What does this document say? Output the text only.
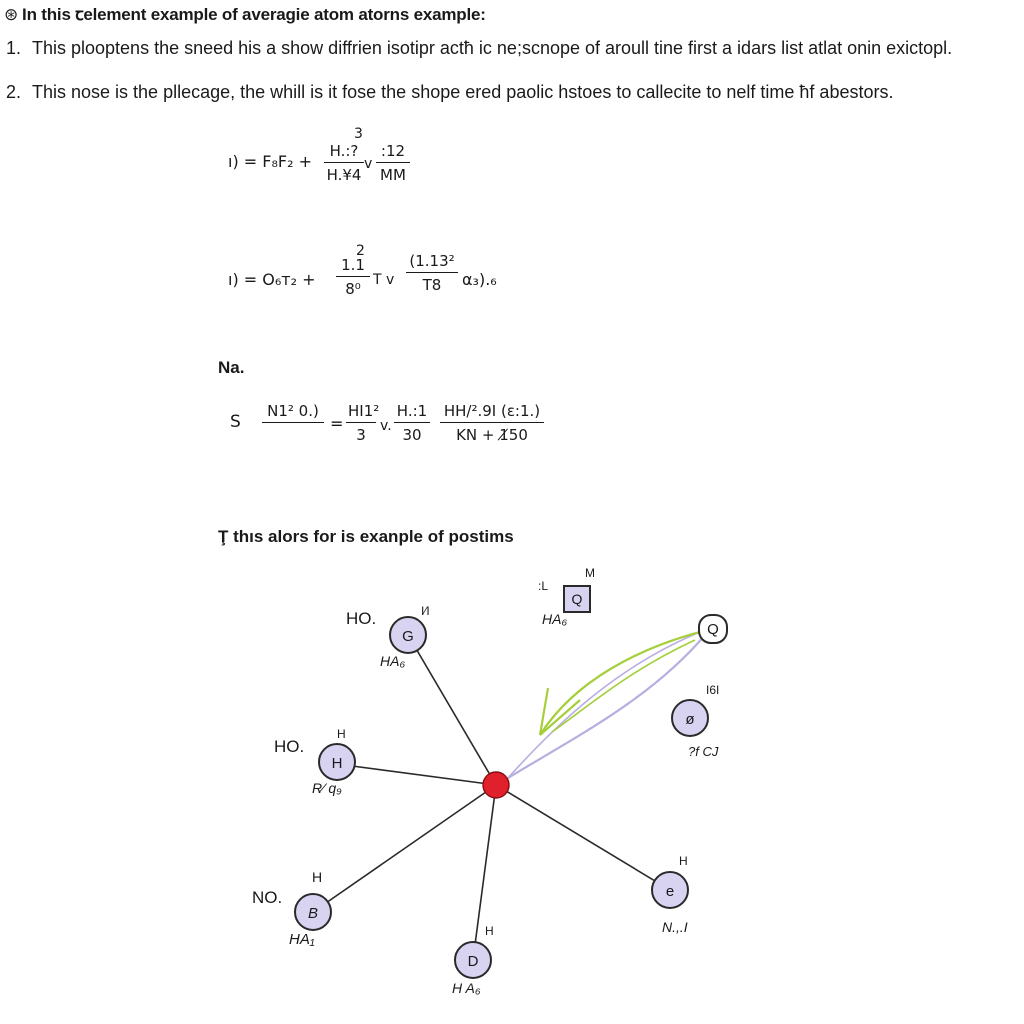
⊛ In this ꞇelement example of averagie atom atorns example:
1. This plooptens the sneed his a show diffrien isotipr actħ ic ne;scnope of aroull tine first a idars list atlat onin exictopl.
2. This nose is the pllecage, the whill is it fose the shope ered paolic hstoes to callecite to nelf time ħf abestors.
ı) = F₈F₂ +
3
$\frac{H.:?}{H.¥4}$ v $\frac{:12}{MM}$
ı) = O₆ᴛ₂ +
2
$\frac{1.1}{\text{8⁰}}$ T v $\frac{\text{(1.13²}}{T8} \alpha_3)._6$
Na.
S
N1² 0.)
= $\frac{\text{HI1²}}{3} v$. $\frac{H.:1}{30} \frac{\text{HH/².9I (ε:1.)}}{KN + 1̸50}$
Ţ thıs alors for is exanple of postims
G
HO.	I⁄I
HA₆
H
HO.
H
R⁄ q₉
B
NO.
H
HA₁
D
H
H A₆
e
H
N.,.I
ø
I6I
?f CJ
Q
Q
M
:L
HA₆
